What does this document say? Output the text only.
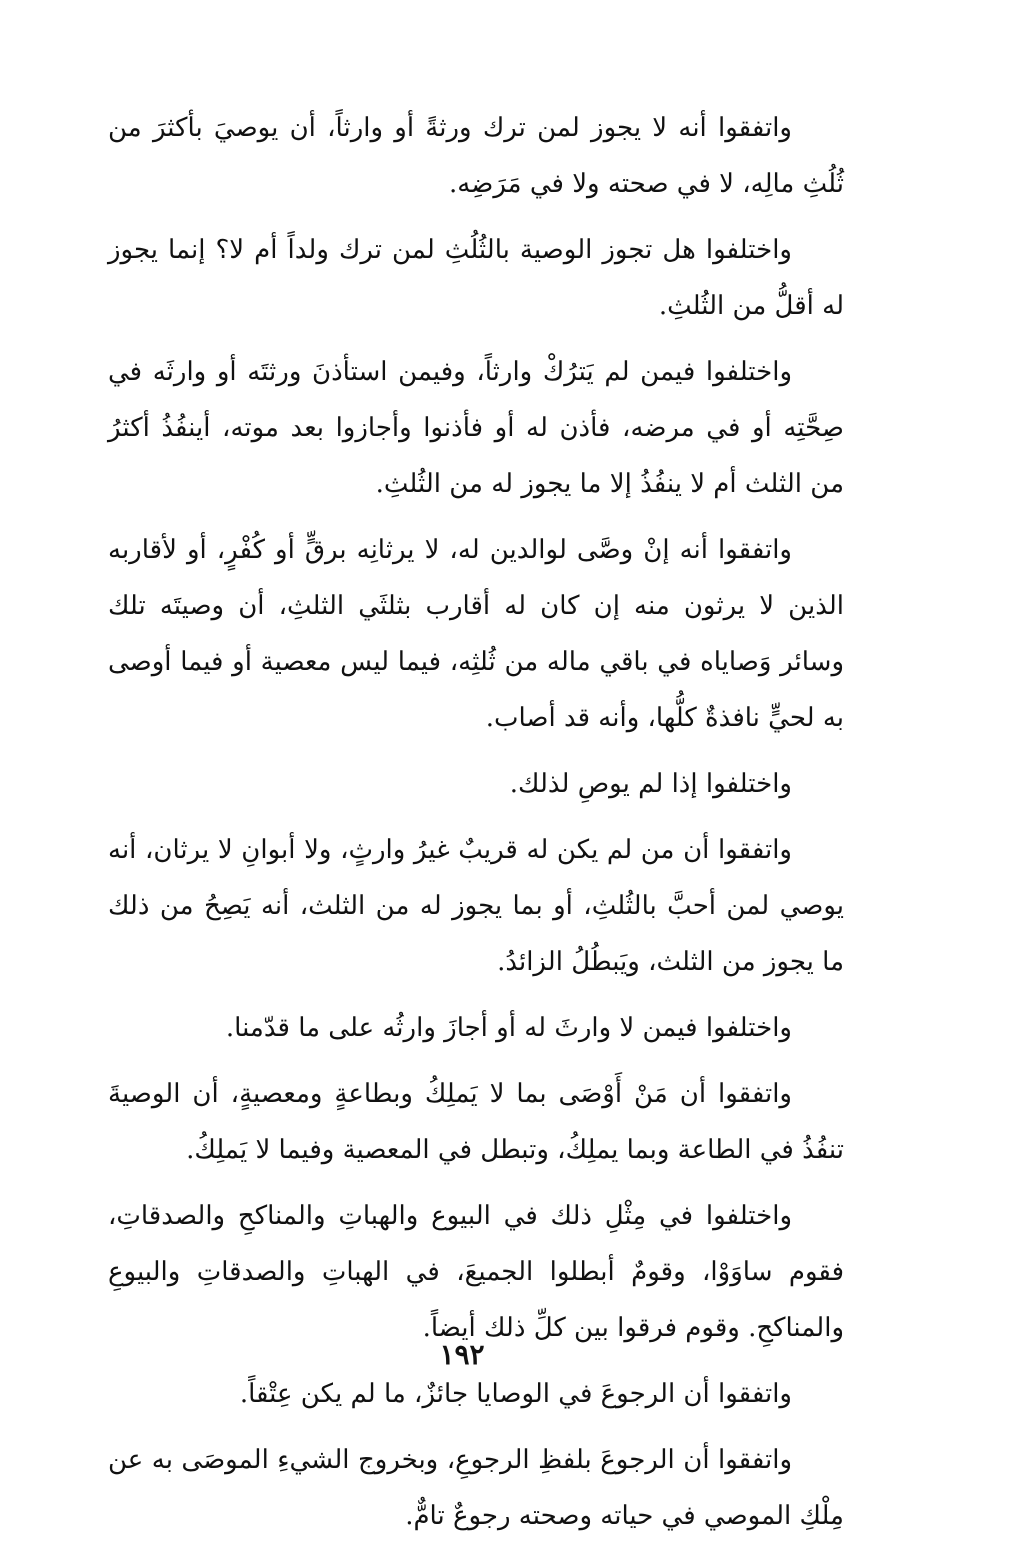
واتفقوا أنه لا يجوز لمن ترك ورثةً أو وارثاً، أن يوصيَ بأكثرَ من ثُلُثِ مالِه، لا في صحته ولا في مَرَضِه.

واختلفوا هل تجوز الوصية بالثُلُثِ لمن ترك ولداً أم لا؟ إنما يجوز له أقلُّ من الثُلثِ.

واختلفوا فيمن لم يَترُكْ وارثاً، وفيمن استأذنَ ورثتَه أو وارثَه في صِحَّتِه أو في مرضه، فأذن له أو فأذنوا وأجازوا بعد موته، أينفُذُ أكثرُ من الثلث أم لا ينفُذُ إلا ما يجوز له من الثُلثِ.

واتفقوا أنه إنْ وصَّى لوالدين له، لا يرثانِه برقٍّ أو كُفْرٍ، أو لأقاربه الذين لا يرثون منه إن كان له أقارب بثلثَي الثلثِ، أن وصيتَه تلك وسائر وَصاياه في باقي ماله من ثُلثِه، فيما ليس معصية أو فيما أوصى به لحيٍّ نافذةٌ كلُّها، وأنه قد أصاب.

واختلفوا إذا لم يوصِ لذلك.

واتفقوا أن من لم يكن له قريبٌ غيرُ وارثٍ، ولا أبوانِ لا يرثان، أنه يوصي لمن أحبَّ بالثُلثِ، أو بما يجوز له من الثلث، أنه يَصِحُ من ذلك ما يجوز من الثلث، ويَبطُلُ الزائدُ.

واختلفوا فيمن لا وارثَ له أو أجازَ وارثُه على ما قدّمنا.

واتفقوا أن مَنْ أَوْصَى بما لا يَملِكُ وبطاعةٍ ومعصيةٍ، أن الوصيةَ تنفُذُ في الطاعة وبما يملِكُ، وتبطل في المعصية وفيما لا يَملِكُ.

واختلفوا في مِثْلِ ذلك في البيوع والهباتِ والمناكحِ والصدقاتِ، فقوم ساوَوْا، وقومٌ أبطلوا الجميعَ، في الهباتِ والصدقاتِ والبيوعِ والمناكحِ. وقوم فرقوا بين كلِّ ذلك أيضاً.

واتفقوا أن الرجوعَ في الوصايا جائزٌ، ما لم يكن عِتْقاً.

واتفقوا أن الرجوعَ بلفظِ الرجوعِ، وبخروج الشيءِ الموصَى به عن مِلْكِ الموصي في حياته وصحته رجوعٌ تامٌّ.

١٩٢
